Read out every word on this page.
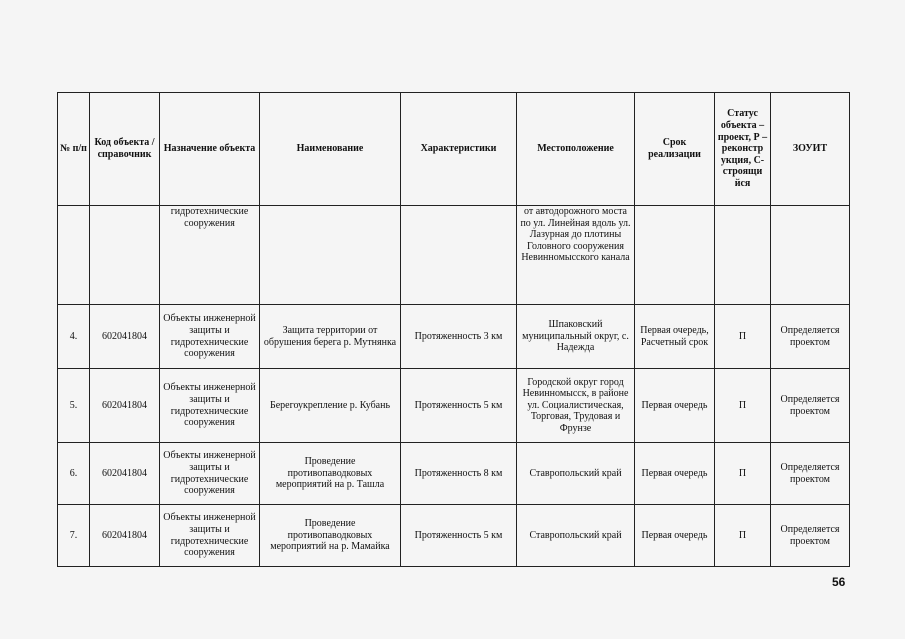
№ п/п	Код объекта / справочник	Назначение объекта	Наименование	Характеристики	Местоположение	Срок реализации	Статус объекта – проект, Р – реконстр укция, С- строящи йся	ЗОУИТ
		гидротехнические сооружения			от автодорожного моста по ул. Линейная вдоль ул. Лазурная до плотины Головного сооружения Невинномысского канала			
4.	602041804	Объекты инженерной защиты и гидротехнические сооружения	Защита территории от обрушения берега р. Мутнянка	Протяженность 3 км	Шпаковский муниципальный округ, с. Надежда	Первая очередь, Расчетный срок	П	Определяется проектом
5.	602041804	Объекты инженерной защиты и гидротехнические сооружения	Берегоукрепление р. Кубань	Протяженность 5 км	Городской округ город Невинномысск, в районе ул. Социалистическая, Торговая, Трудовая и Фрунзе	Первая очередь	П	Определяется проектом
6.	602041804	Объекты инженерной защиты и гидротехнические сооружения	Проведение противопаводковых мероприятий на р. Ташла	Протяженность 8 км	Ставропольский край	Первая очередь	П	Определяется проектом
7.	602041804	Объекты инженерной защиты и гидротехнические сооружения	Проведение противопаводковых мероприятий на р. Мамайка	Протяженность 5 км	Ставропольский край	Первая очередь	П	Определяется проектом
56
